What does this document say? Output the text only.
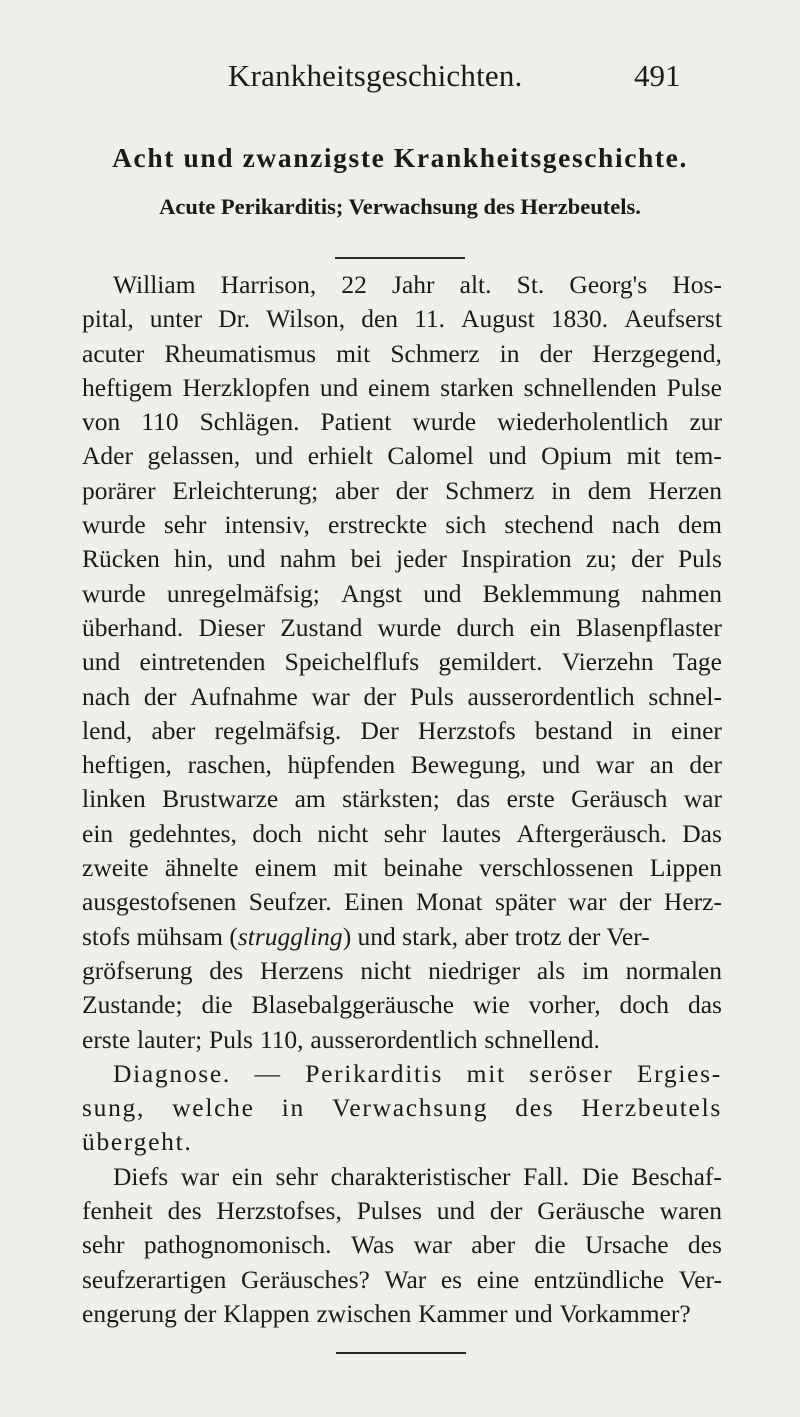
Krankheitsgeschichten.	491
Acht und zwanzigste Krankheitsgeschichte.
Acute Perikarditis; Verwachsung des Herzbeutels.
William Harrison, 22 Jahr alt. St. Georg's Hos-
pital, unter Dr. Wilson, den 11. August 1830. Aeufserst
acuter Rheumatismus mit Schmerz in der Herzgegend,
heftigem Herzklopfen und einem starken schnellenden Pulse
von 110 Schlägen. Patient wurde wiederholentlich zur
Ader gelassen, und erhielt Calomel und Opium mit tem-
porärer Erleichterung; aber der Schmerz in dem Herzen
wurde sehr intensiv, erstreckte sich stechend nach dem
Rücken hin, und nahm bei jeder Inspiration zu; der Puls
wurde unregelmäfsig; Angst und Beklemmung nahmen
überhand. Dieser Zustand wurde durch ein Blasenpflaster
und eintretenden Speichelflufs gemildert. Vierzehn Tage
nach der Aufnahme war der Puls ausserordentlich schnel-
lend, aber regelmäfsig. Der Herzstofs bestand in einer
heftigen, raschen, hüpfenden Bewegung, und war an der
linken Brustwarze am stärksten; das erste Geräusch war
ein gedehntes, doch nicht sehr lautes Aftergeräusch. Das
zweite ähnelte einem mit beinahe verschlossenen Lippen
ausgestofsenen Seufzer. Einen Monat später war der Herz-
stofs mühsam (struggling) und stark, aber trotz der Ver-
gröfserung des Herzens nicht niedriger als im normalen
Zustande; die Blasebalggeräusche wie vorher, doch das
erste lauter; Puls 110, ausserordentlich schnellend.
Diagnose. — Perikarditis mit seröser Ergies-
sung, welche in Verwachsung des Herzbeutels
übergeht.
Diefs war ein sehr charakteristischer Fall. Die Beschaf-
fenheit des Herzstofses, Pulses und der Geräusche waren
sehr pathognomonisch. Was war aber die Ursache des
seufzerartigen Geräusches? War es eine entzündliche Ver-
engerung der Klappen zwischen Kammer und Vorkammer?
